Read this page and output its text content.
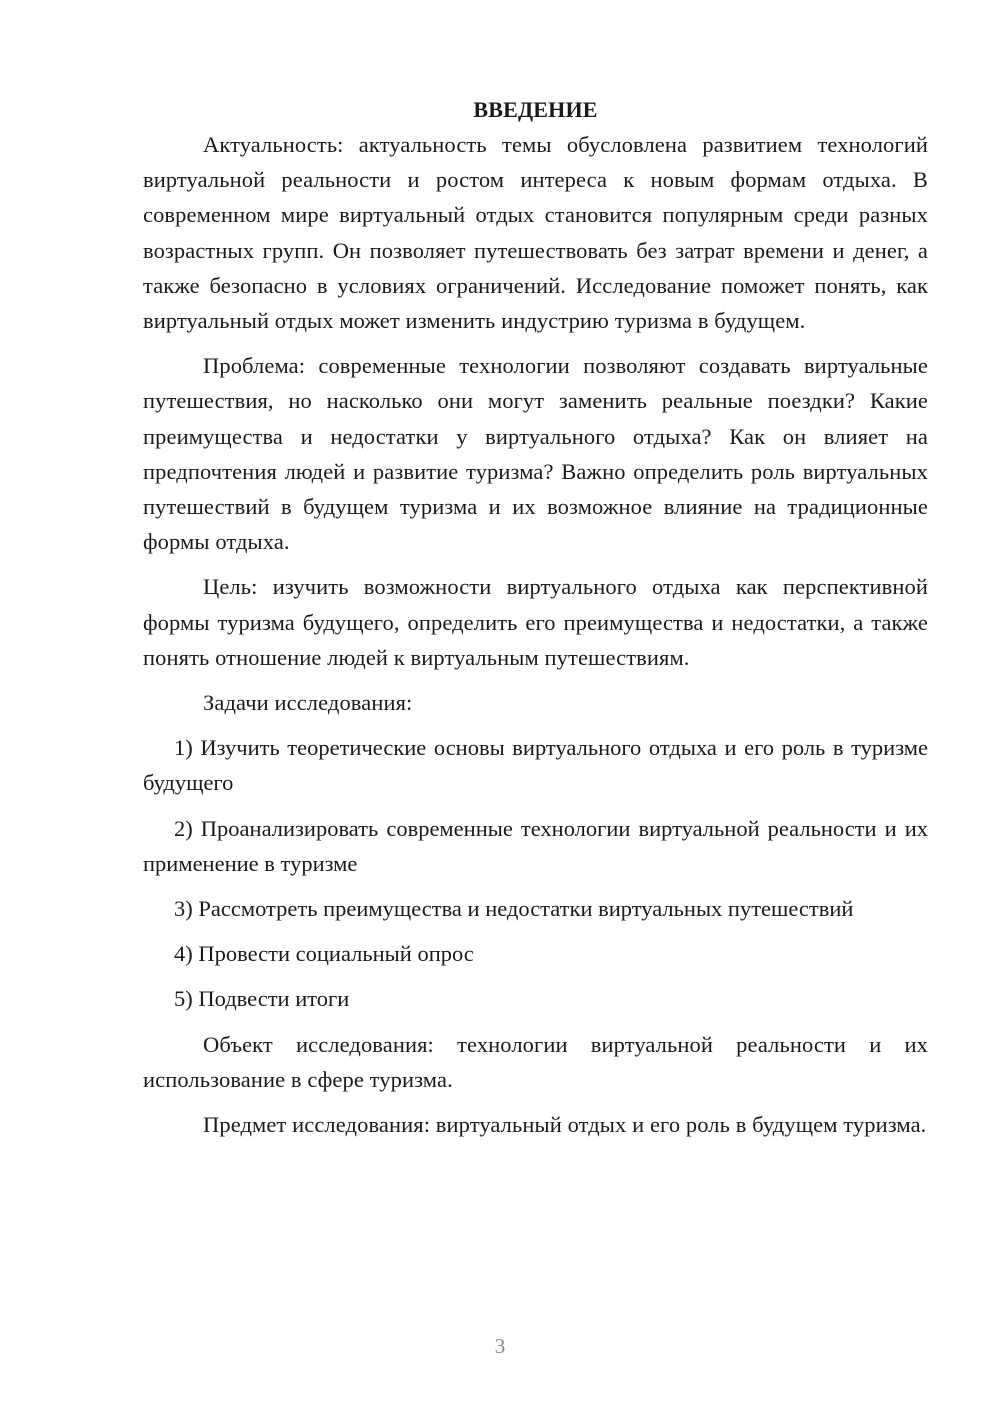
ВВЕДЕНИЕ

Актуальность: актуальность темы обусловлена развитием технологий виртуальной реальности и ростом интереса к новым формам отдыха. В современном мире виртуальный отдых становится популярным среди разных возрастных групп. Он позволяет путешествовать без затрат времени и денег, а также безопасно в условиях ограничений. Исследование поможет понять, как виртуальный отдых может изменить индустрию туризма в будущем.

Проблема: современные технологии позволяют создавать виртуальные путешествия, но насколько они могут заменить реальные поездки? Какие преимущества и недостатки у виртуального отдыха? Как он влияет на предпочтения людей и развитие туризма? Важно определить роль виртуальных путешествий в будущем туризма и их возможное влияние на традиционные формы отдыха.

Цель: изучить возможности виртуального отдыха как перспективной формы туризма будущего, определить его преимущества и недостатки, а также понять отношение людей к виртуальным путешествиям.

Задачи исследования:

1) Изучить теоретические основы виртуального отдыха и его роль в туризме будущего

2) Проанализировать современные технологии виртуальной реальности и их применение в туризме

3) Рассмотреть преимущества и недостатки виртуальных путешествий

4) Провести социальный опрос

5) Подвести итоги

Объект исследования: технологии виртуальной реальности и их использование в сфере туризма.

Предмет исследования: виртуальный отдых и его роль в будущем туризма.

3
